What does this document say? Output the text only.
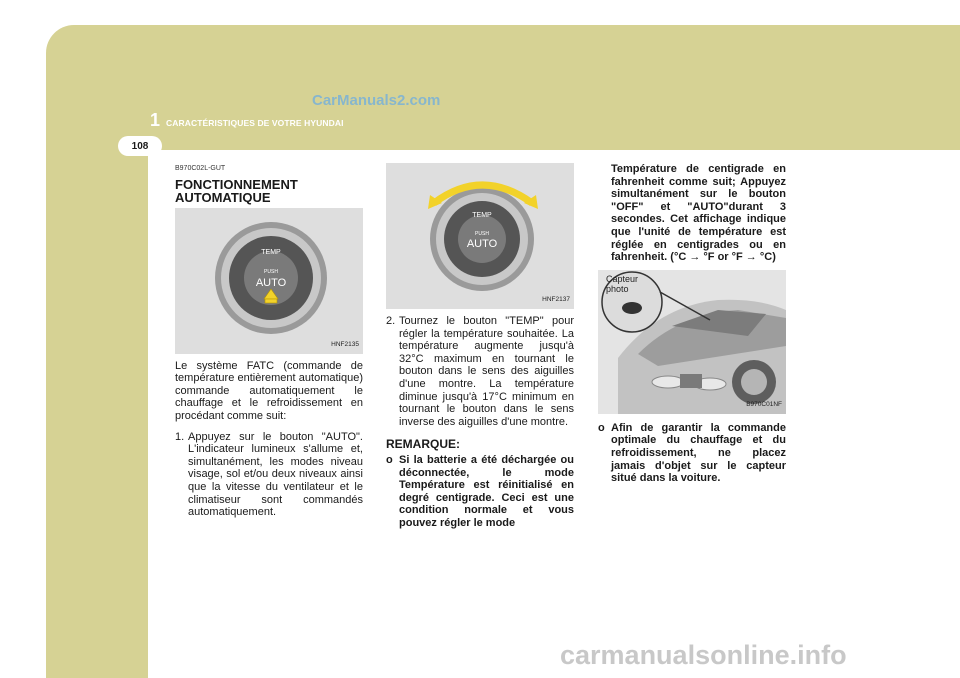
CarManuals2.com
1 CARACTÉRISTIQUES DE VOTRE HYUNDAI
108
B970C02L-GUT
FONCTIONNEMENT AUTOMATIQUE
TEMP
PUSH
AUTO
HNF2135

Le système FATC (commande de température entièrement automatique) commande automatiquement le chauffage et le refroidissement en procédant comme suit:

1. Appuyez sur le bouton "AUTO". L'indicateur lumineux s'allume et, simultanément, les modes niveau visage, sol et/ou deux niveaux ainsi que la vitesse du ventilateur et le climatiseur sont commandés automatiquement.
TEMP
PUSH
AUTO
HNF2137
2. Tournez le bouton "TEMP" pour régler la température souhaitée. La température augmente jusqu'à 32°C maximum en tournant le bouton dans le sens des aiguilles d'une montre. La température diminue jusqu'à 17°C minimum en tournant le bouton dans le sens inverse des aiguilles d'une montre.
REMARQUE:
o Si la batterie a été déchargée ou déconnectée, le mode Température est réinitialisé en degré centigrade. Ceci est une condition normale et vous pouvez régler le mode
Température de centigrade en fahrenheit comme suit; Appuyez simultanément sur le bouton "OFF" et "AUTO"durant 3 secondes. Cet affichage indique que l'unité de température est réglée en centigrades ou en fahrenheit. (°C → °F or °F → °C)
Capteur
photo
B970C01NF
o Afin de garantir la commande optimale du chauffage et du refroidissement, ne placez jamais d'objet sur le capteur situé dans la voiture.
carmanualsonline.info
